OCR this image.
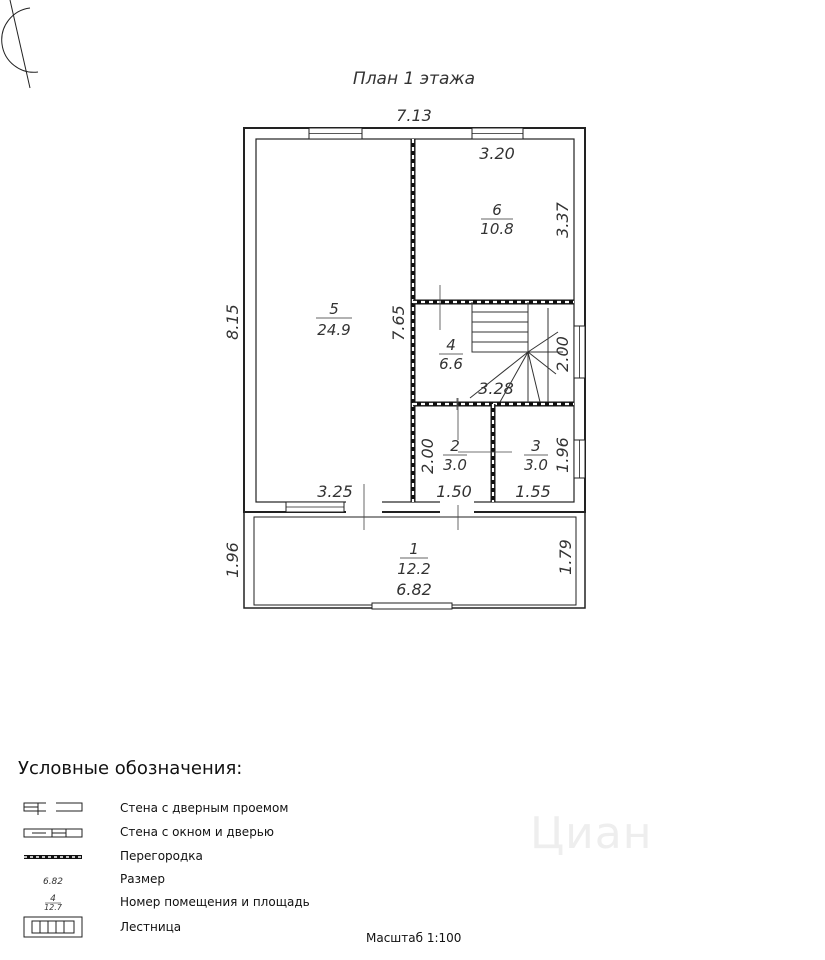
План 1 этажа
7.13
8.15
3.20
3.37
7.65
2.00
3.28
2.00	1.96
3.25	1.50	1.55
1.96	1.79
6.82
1
12.2
2
3.0
3
3.0
4
6.6
5
24.9
6
10.8
6.82
4
12.7
Циан
Условные обозначения:
Стена с дверным проемом
Стена с окном и дверью
Перегородка
Размер
Номер помещения и площадь
Лестница
Масштаб 1:100
